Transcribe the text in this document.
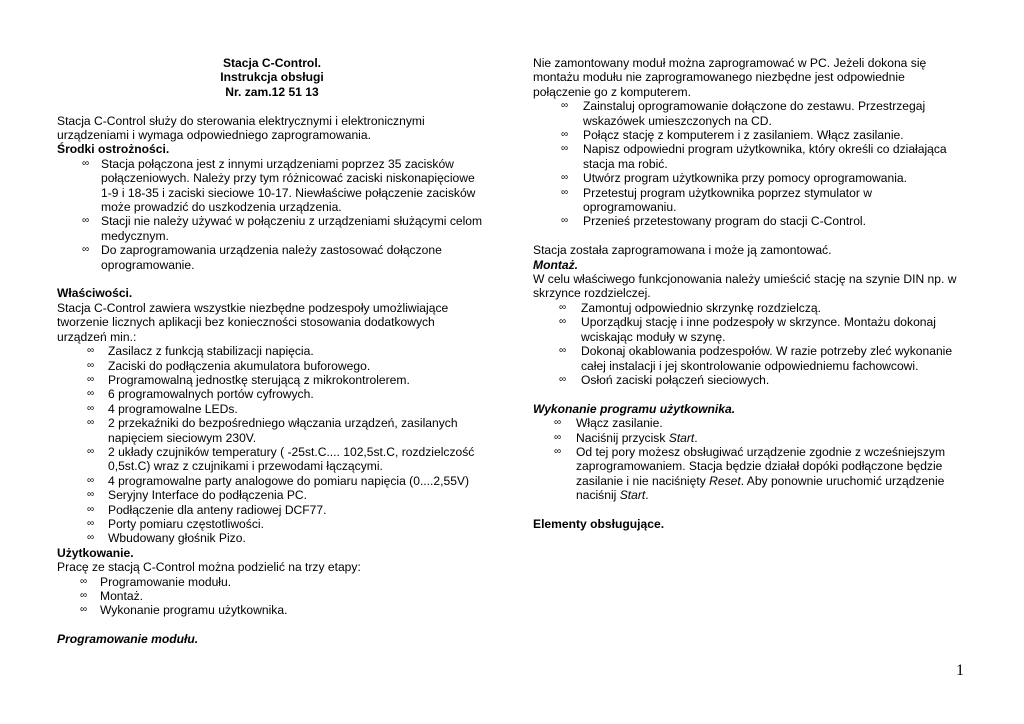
Stacja C-Control.

Instrukcja obsługi

Nr. zam.12 51 13

Stacja C-Control służy do sterowania elektrycznymi i elektronicznymi urządzeniami i wymaga odpowiedniego zaprogramowania.

Środki ostrożności.

∞ Stacja połączona jest z innymi urządzeniami poprzez 35 zacisków połączeniowych. Należy przy tym różnicować zaciski niskonapięciowe 1-9 i 18-35 i zaciski sieciowe 10-17. Niewłaściwe połączenie zacisków może prowadzić do uszkodzenia urządzenia.
∞ Stacji nie należy używać w połączeniu z urządzeniami służącymi celom medycznym.
∞ Do zaprogramowania urządzenia należy zastosować dołączone oprogramowanie.

Właściwości.

Stacja C-Control zawiera wszystkie niezbędne podzespoły umożliwiające tworzenie licznych aplikacji bez konieczności stosowania dodatkowych urządzeń min.:

∞ Zasilacz z funkcją stabilizacji napięcia.
∞ Zaciski do podłączenia akumulatora buforowego.
∞ Programowalną jednostkę sterującą z mikrokontrolerem.
∞ 6 programowalnych portów cyfrowych.
∞ 4 programowalne LEDs.
∞ 2 przekaźniki do bezpośredniego włączania urządzeń, zasilanych napięciem sieciowym 230V.
∞ 2 układy czujników temperatury ( -25st.C.... 102,5st.C, rozdzielczość 0,5st.C) wraz z czujnikami i przewodami łączącymi.
∞ 4 programowalne party analogowe do pomiaru napięcia (0....2,55V)
∞ Seryjny Interface do podłączenia PC.
∞ Podłączenie dla anteny radiowej DCF77.
∞ Porty pomiaru częstotliwości.
∞ Wbudowany głośnik Pizo.

Użytkowanie.

Pracę ze stacją C-Control można podzielić na trzy etapy:

∞ Programowanie modułu.
∞ Montaż.
∞ Wykonanie programu użytkownika.

Programowanie modułu.

Nie zamontowany moduł można zaprogramować w PC. Jeżeli dokona się montażu modułu nie zaprogramowanego niezbędne jest odpowiednie połączenie go z komputerem.

∞ Zainstaluj oprogramowanie dołączone do zestawu. Przestrzegaj wskazówek umieszczonych na CD.
∞ Połącz stację z komputerem i z zasilaniem. Włącz zasilanie.
∞ Napisz odpowiedni program użytkownika, który określi co działająca stacja ma robić.
∞ Utwórz program użytkownika przy pomocy oprogramowania.
∞ Przetestuj program użytkownika poprzez stymulator w oprogramowaniu.
∞ Przenieś przetestowany program do stacji C-Control.

Stacja została zaprogramowana i może ją zamontować.

Montaż.

W celu właściwego funkcjonowania należy umieścić stację na szynie DIN np. w skrzynce rozdzielczej.

∞ Zamontuj odpowiednio skrzynkę rozdzielczą.
∞ Uporządkuj stację i inne podzespoły w skrzynce. Montażu dokonaj wciskając moduły w szynę.
∞ Dokonaj okablowania podzespołów. W razie potrzeby zleć wykonanie całej instalacji i jej skontrolowanie odpowiedniemu fachowcowi.
∞ Osłoń zaciski połączeń sieciowych.

Wykonanie programu użytkownika.

∞ Włącz zasilanie.
∞ Naciśnij przycisk Start.
∞ Od tej pory możesz obsługiwać urządzenie zgodnie z wcześniejszym zaprogramowaniem. Stacja będzie działał dopóki podłączone będzie zasilanie i nie naciśnięty Reset. Aby ponownie uruchomić urządzenie naciśnij Start.

Elementy obsługujące.

1
